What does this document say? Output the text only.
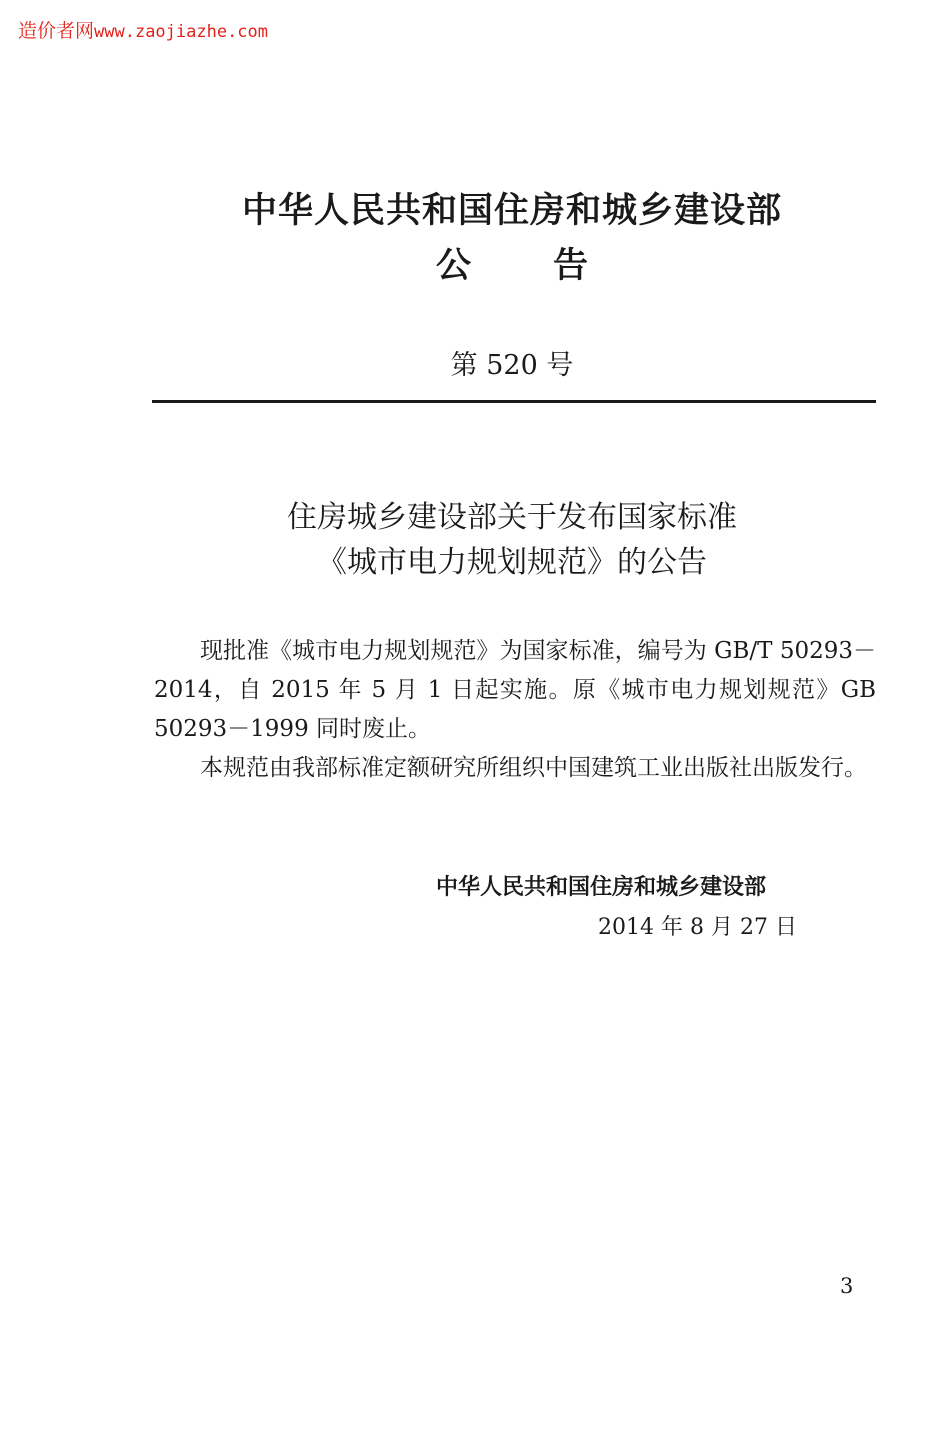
造价者网www.zaojiazhe.com
中华人民共和国住房和城乡建设部
公告
第 520 号
住房城乡建设部关于发布国家标准
《城市电力规划规范》的公告

现批准《城市电力规划规范》为国家标准，编号为 GB/T 50293－2014，自 2015 年 5 月 1 日起实施。原《城市电力规划规范》GB 50293－1999 同时废止。

本规范由我部标准定额研究所组织中国建筑工业出版社出版发行。

中华人民共和国住房和城乡建设部
2014 年 8 月 27 日
3
